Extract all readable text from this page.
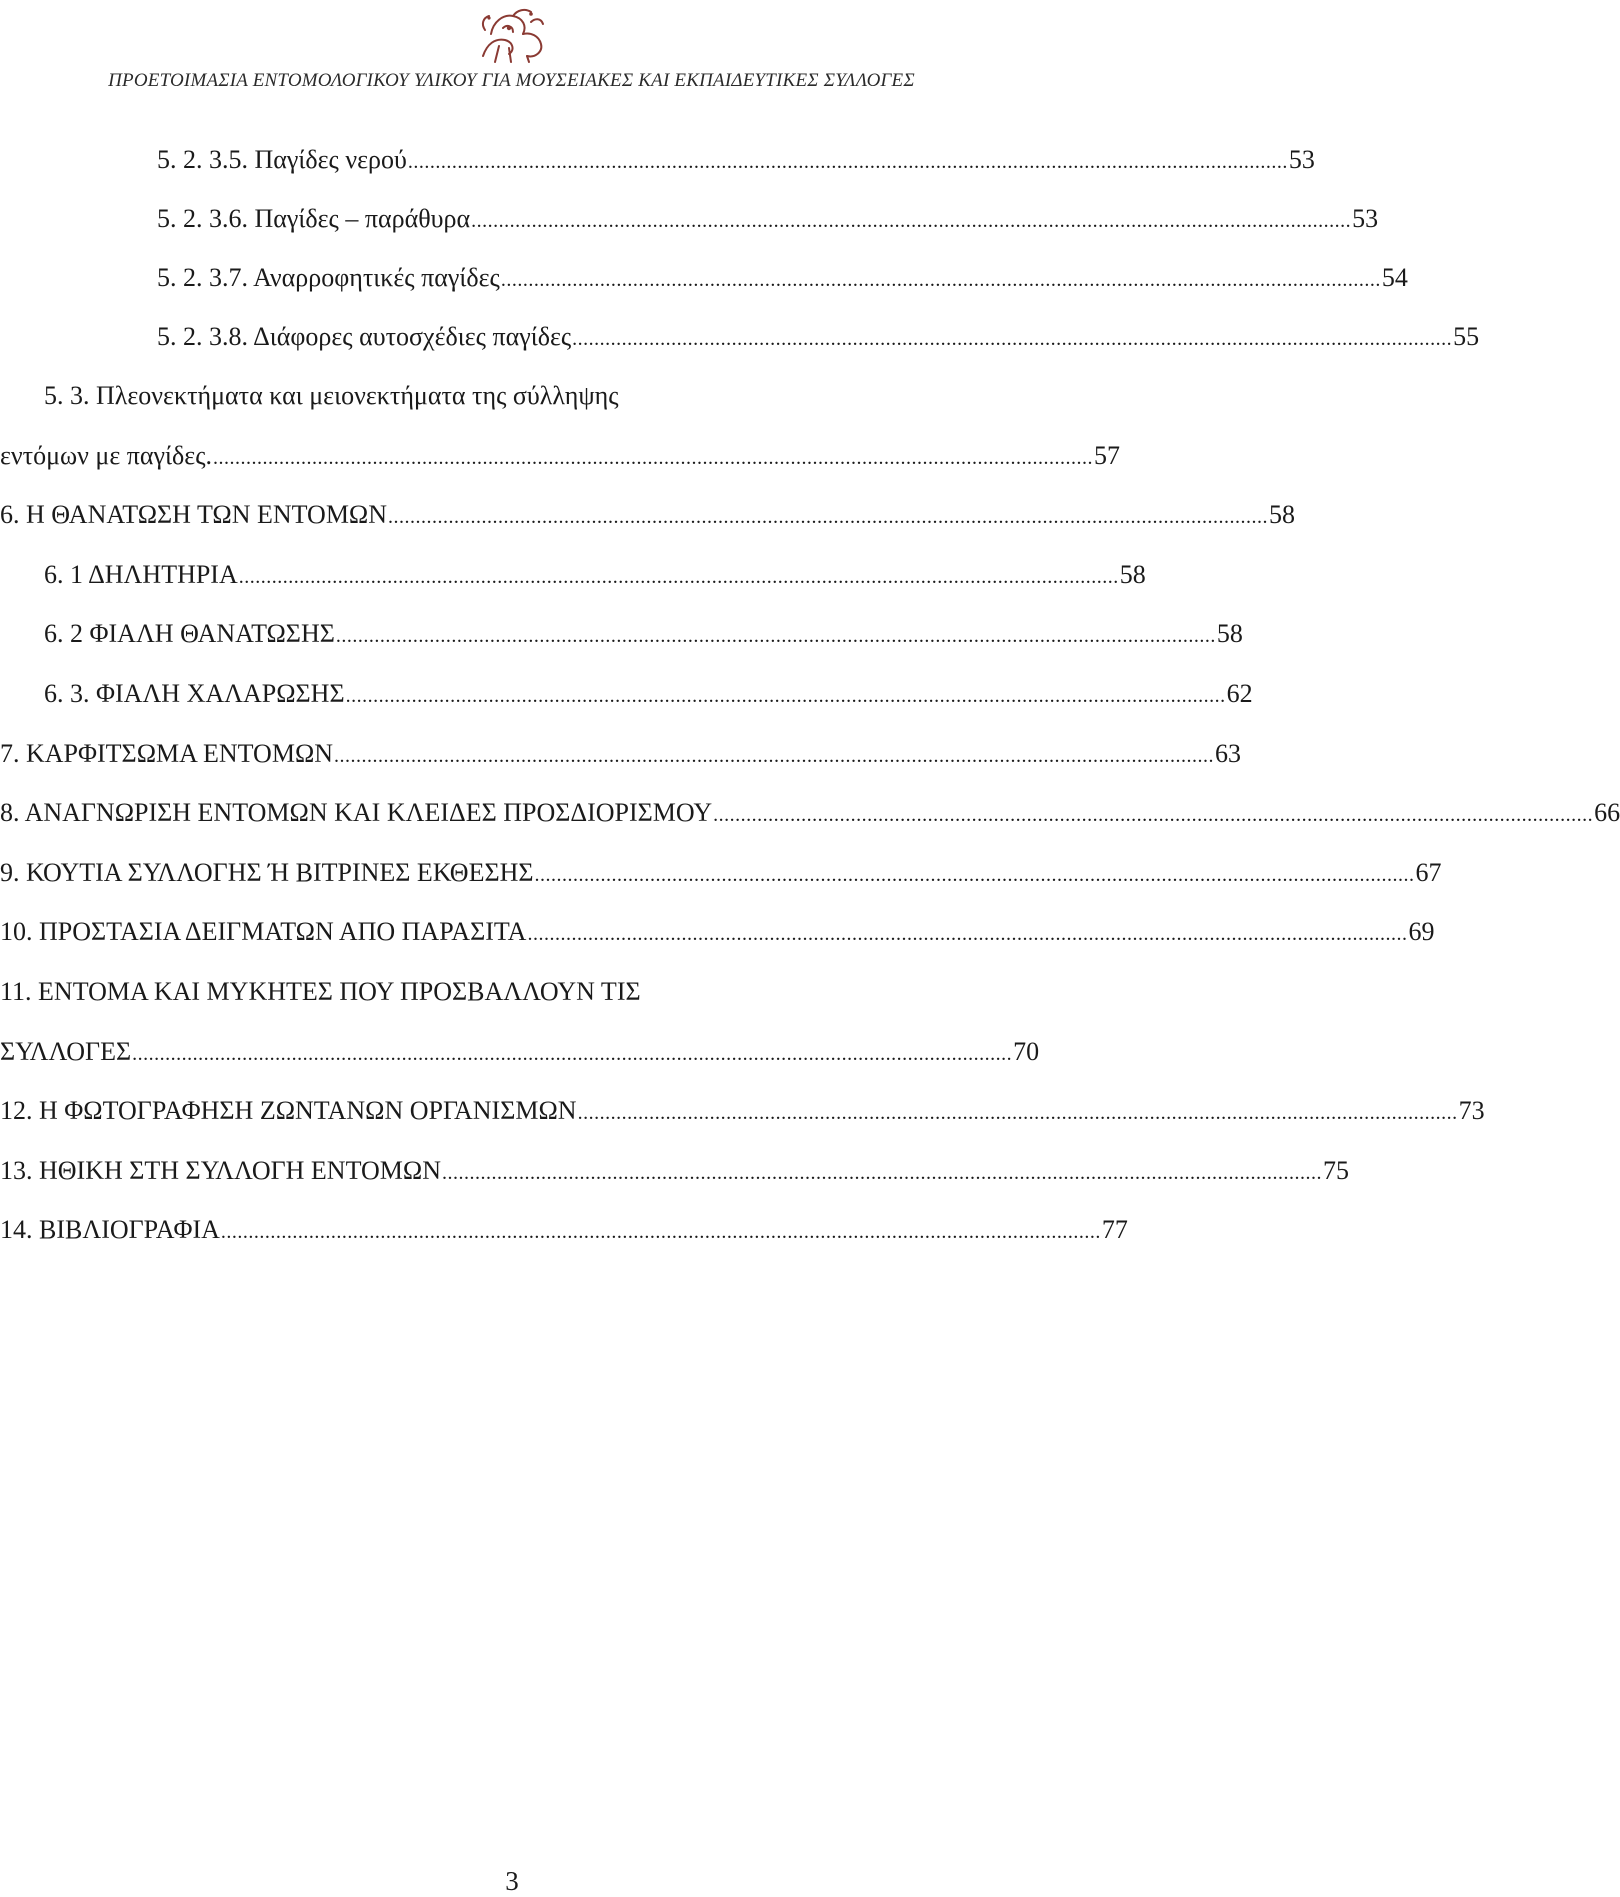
ΠΡΟΕΤΟΙΜΑΣΙΑ ΕΝΤΟΜΟΛΟΓΙΚΟΥ ΥΛΙΚΟΥ ΓΙΑ ΜΟΥΣΕΙΑΚΕΣ ΚΑΙ ΕΚΠΑΙΔΕΥΤΙΚΕΣ ΣΥΛΛΟΓΕΣ
5. 2. 3.5. Παγίδες νερού ................................................................................................................................................................ 53
5. 2. 3.6. Παγίδες – παράθυρα ................................................................................................................................................................ 53
5. 2. 3.7. Αναρροφητικές παγίδες ................................................................................................................................................................ 54
5. 2. 3.8. Διάφορες αυτοσχέδιες παγίδες ................................................................................................................................................................ 55
5. 3. Πλεονεκτήματα και μειονεκτήματα της σύλληψης
εντόμων με παγίδες. ................................................................................................................................................................ 57
6. Η ΘΑΝΑΤΩΣΗ ΤΩΝ ΕΝΤΟΜΩΝ ................................................................................................................................................................ 58
6. 1 ΔΗΛΗΤΗΡΙΑ ................................................................................................................................................................ 58
6. 2 ΦΙΑΛΗ ΘΑΝΑΤΩΣΗΣ ................................................................................................................................................................ 58
6. 3. ΦΙΑΛΗ ΧΑΛΑΡΩΣΗΣ ................................................................................................................................................................ 62
7. ΚΑΡΦΙΤΣΩΜΑ ΕΝΤΟΜΩΝ ................................................................................................................................................................ 63
8. ΑΝΑΓΝΩΡΙΣΗ ΕΝΤΟΜΩΝ ΚΑΙ ΚΛΕΙΔΕΣ ΠΡΟΣΔΙΟΡΙΣΜΟΥ ................................................................................................................................................................ 66
9. ΚΟΥΤΙΑ ΣΥΛΛΟΓΗΣ Ή ΒΙΤΡΙΝΕΣ ΕΚΘΕΣΗΣ ................................................................................................................................................................ 67
10. ΠΡΟΣΤΑΣΙΑ ΔΕΙΓΜΑΤΩΝ ΑΠΟ ΠΑΡΑΣΙΤΑ ................................................................................................................................................................ 69
11. ΕΝΤΟΜΑ ΚΑΙ ΜΥΚΗΤΕΣ ΠΟΥ ΠΡΟΣΒΑΛΛΟΥΝ ΤΙΣ
ΣΥΛΛΟΓΕΣ ................................................................................................................................................................ 70
12. Η ΦΩΤΟΓΡΑΦΗΣΗ ΖΩΝΤΑΝΩΝ ΟΡΓΑΝΙΣΜΩΝ ................................................................................................................................................................ 73
13. ΗΘΙΚΗ ΣΤΗ ΣΥΛΛΟΓΗ ΕΝΤΟΜΩΝ ................................................................................................................................................................ 75
14. ΒΙΒΛΙΟΓΡΑΦΙΑ ................................................................................................................................................................ 77
3
